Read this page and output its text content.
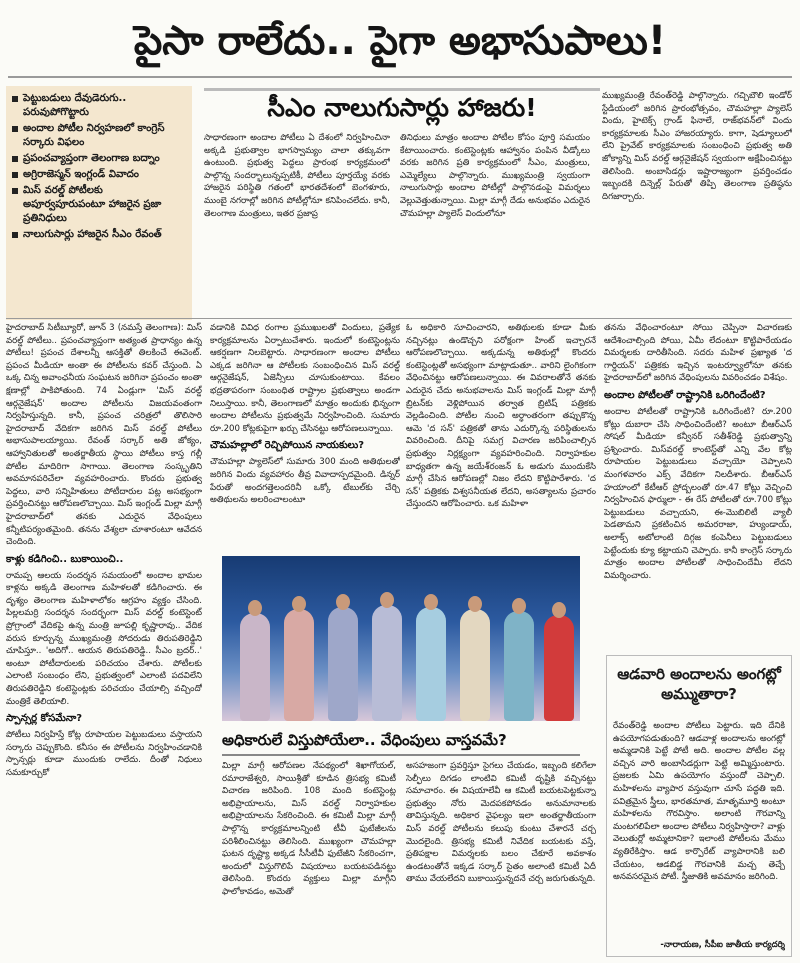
పైసా రాలేదు.. పైగా అభాసుపాలు!
పెట్టుబడులు దేవుడెరుగు.. పరువుపోగొట్టారు
అందాల పోటీల నిర్వహణలో కాంగ్రెస్ సర్కారు విఫలం
ప్రపంచవ్యాప్తంగా తెలంగాణ బద్నాం
అగ్రిరాజెస్మన్ ఇంగ్లండ్ వివాదం
మిస్ వరల్డ్ పోటీలకు అపూర్వపూరుపంటూ హాజరైన ప్రజా ప్రతినిధులు
నాలుగుసార్లు హాజరైన సీఎం రేవంత్
సీఎం నాలుగుసార్లు హాజరు!

సాధారణంగా అందాల పోటీలు ఏ దేశంలో నిర్వహించినా అక్కడి ప్రభుత్వాల భాగస్వామ్యం చాలా తక్కువగా ఉంటుంది. ప్రభుత్వ పెద్దలు ప్రారంభ కార్యక్రమంలో పాల్గొన్న సందర్భాలున్నప్పటికీ, పోటీలు పూర్తయ్యే వరకు హాజరైన పరిస్థితి గతంలో భారతదేశంలో బెంగళూరు, ముంబై నగరాల్లో జరిగిన పోటీల్లోనూ కనిపించలేదు. కానీ, తెలంగాణ మంత్రులు, ఇతర ప్రజాప్ర

తినిధులు మాత్రం అందాల పోటీల కోసం పూర్తి సమయం కేటాయించారు. కంటెస్టెంట్లకు ఆహ్వానం పంపిన వీడ్కోలు వరకు జరిగిన ప్రతి కార్యక్రమంలో సీఎం, మంత్రులు, ఎమ్మెల్యేలు పాల్గొన్నారు. ముఖ్యమంత్రి స్వయంగా నాలుగుసార్లు అందాల పోటీల్లో పాల్గొనడంపై విమర్శలు వెల్లువెత్తుతున్నాయి. మిల్లా మాగ్గీ దేడు అనుభవం ఎదురైన చౌమహల్లా ప్యాలెస్ విందులోనూ

ముఖ్యమంత్రి రేవంత్‌రెడ్డి పాల్గొన్నారు. గచ్చిబౌలి ఇండోర్ స్టేడియంలో జరిగిన ప్రారంభోత్సవం, చౌమహల్లా ప్యాలెస్ విందు, హైటెక్స్ గ్రాండ్ ఫినాలే, రాజ్‌భవన్‌లో విందు కార్యక్రమాలకు సీఎం హాజరయ్యారు. కాగా, షెడ్యూలులో లేని ప్రైవేట్ కార్యక్రమాలకు సంబంధించి ప్రభుత్వ అతి జోక్యాన్ని మిస్ వరల్డ్ ఆర్గనైజేషన్ స్వయంగా అక్షేపించినట్టు తెలిసింది. అంబాసిడర్లు ఇష్టారాజ్యంగా ప్రవర్తించడం ఇబ్బందకి దిన్నెల్ల్ పేరుతో తిప్పి తెలంగాణ ప్రతిష్ఠను దిగజార్చారు.

హైదరాబాద్ సిటీబ్యూరో, జూన్ 3 (నమస్తే తెలంగాణ): మిస్ వరల్డ్ పోటీలు.. ప్రపంచవ్యాప్తంగా అత్యంత ప్రాధాన్యం ఉన్న పోటీలు! ప్రపంచ దేశాలన్నీ ఆసక్తితో తిలకించే ఈవెంట్. ప్రపంచ మీడియా అంతా ఈ పోటీలను కవర్ చేస్తుంది. ఏ ఒక్క చిన్న అవాంఛనీయ సంఘటన జరిగినా ప్రపంచం అంతా క్షణాల్లో పాకిపోతుంది. 74 ఏండ్లుగా 'మిస్ వరల్డ్ ఆర్గనైజేషన్' అందాల పోటీలను విజయవంతంగా నిర్వహిస్తున్నది. కానీ, ప్రపంచ చరిత్రలో తొలిసారి హైదరాబాద్ వేదికగా జరిగిన మిస్ వరల్డ్ పోటీలు అభాసుపాలయ్యాయి. రేవంత్ సర్కార్ అతి జోక్యం, ఆహ్వానితులతో అంతర్జాతీయ స్థాయి పోటీలు కాస్త గల్లీ పోటీల మాదిరిగా సాగాయి. తెలంగాణ సంస్కృతిని అవమానపరిచేలా వ్యవహరించారు. కొందరు ప్రభుత్వ పెద్దలు, వారి సన్నిహితులు పోటీదారుల పట్ల అసభ్యంగా ప్రవర్తించినట్టు ఆరోపణలొచ్చాయి. మిస్ ఇంగ్లండ్ మిల్లా మాగ్గీ హైదరాబాద్‌లో తనకు ఎదురైన వేధింపులు కన్నీటిపర్యంతమైంది. తనను వేశ్యలా చూశారంటూ ఆవేదన చెందింది.

కాళ్లు కడిగించి.. బుకాయించి..

రామప్ప ఆలయ సందర్శన సమయంలో అందాల భామల కాళ్లను అక్కడి తెలంగాణ మహిళలతో కడిగించారు. ఈ దృశ్యం తెలంగాణ మహిళాలోకం ఆగ్రహం వ్యక్తం చేసింది. పిల్లలమర్రి సందర్శన సందర్భంగా మిస్ వరల్డ్ కంటెస్టెంట్ ప్రోగ్రాంలో వేదికపై ఉన్న మంత్రి జూపల్లి కృష్ణారావు.. వేదిక వరుస కూర్చున్న ముఖ్యమంత్రి సోదరుడు తిరుపతిరెడ్డిని చూపిస్తూ.. 'అదిగో.. ఆయన తిరుపతిరెడ్డి.. సీఎం బ్రదర్..' అంటూ పోటీదారులకు పరిచయం చేశారు. పోటీలకు ఎలాంటి సంబంధం లేని, ప్రభుత్వంలో ఎలాంటి పదవిలేని తిరుపతిరెడ్డిని కంటెస్టెంట్లకు పరిచయం చేయాల్సి వచ్చిందో మంత్రికే తెలియాలి.

స్పాన్సర్ల కోసమేనా?

పోటీలు నిర్వహిస్తే కోట్ల రూపాయల పెట్టుబడులు వస్తాయని సర్కారు చెప్పుకొంది. కనీసం ఈ పోటీలను నిర్వహించడానికి స్పాన్సర్లు కూడా ముందుకు రాలేదు. దీంతో నిధులు సమకూర్చుకో

వడానికి వివిధ రంగాల ప్రముఖులతో విందులు, ప్రత్యేక కార్యక్రమాలను ఏర్పాటుచేశారు. ఇందులో కంటెస్టెంట్లను ఆకర్షణగా నిలబెట్టారు. సాధారణంగా అందాల పోటీలు ఎక్కడ జరిగినా ఆ పోటీలకు సంబంధించిన మిస్ వరల్డ్ ఆర్గనైజేషన్, ఏజెన్సీలు చూసుకుంటాయి. కేవలం భద్రతాపరంగా సంబంధిత రాష్ట్రాల ప్రభుత్వాలు అండగా నిలుస్తాయి. కానీ, తెలంగాణలో మాత్రం అందుకు భిన్నంగా అందాల పోటీలను ప్రభుత్వమే నిర్వహించింది. సుమారు రూ.200 కోట్లకుపైగా ఖర్చు చేసినట్టు ఆరోపణలున్నాయి.

చౌమహల్లాలో రెచ్చిపోయిన నాయకులు?

చౌమహల్లా ప్యాలెస్‌లో సుమారు 300 మంది అతిథులతో జరిగిన విందు వ్యవహారం తీవ్ర వివాదాస్పదమైంది. డిన్నర్ పేరుతో అందగత్తెలందరినీ ఒక్కో టేబుల్‌కు చేర్చి అతిథులను అలరించాలంటూ

ఓ అధికారి సూచించారని, అతిథులకు కూడా మీకు నచ్చినట్లు ఉండొచ్చని పరోక్షంగా హింట్ ఇచ్చారనే ఆరోపణలొచ్చాయి. అక్కడున్న అతిథుల్లో కొందరు కంటెస్టెంట్లతో అసభ్యంగా మాట్లాడుతూ.. వారిని లైంగికంగా వేధించినట్టు ఆరోపణలున్నాయి. ఈ వివరాలతోనే తనకు ఎదురైన చేదు అనుభవాలను మిస్ ఇంగ్లండ్ మిల్లా మాగ్గీ బ్రిటన్‌కు వెళ్లిపోయిన తర్వాత బ్రిటిష్ పత్రికకు వెల్లడించింది. పోటీల నుంచి అర్ధాంతరంగా తప్పుకొన్న ఆమె 'ద సన్' పత్రికతో తాను ఎదుర్కొన్న పరిస్థితులను వివరించింది. దీనిపై సమగ్ర విచారణ జరిపించాల్సిన ప్రభుత్వం నిర్లక్ష్యంగా వ్యవహరించింది. నిర్వాహకుల బాధ్యతగా ఉన్న జయేశ్‌రంజన్ ఓ అడుగు ముందుకేసి మాగ్గీ చేసిన ఆరోపణల్లో నిజం లేదని కొట్టిపారేశారు. 'ద సన్' పత్రికకు విశ్వసనీయత లేదని, అసత్యాలను ప్రచారం చేస్తుందని ఆరోపించారు. ఒక మహిళా

తనను వేధించారంటూ సోయి చెప్పినా విచారణకు ఆదేశించాల్సింది పోయి, ఏమీ లేదంటూ కొట్టిపారేయడం విమర్శలకు దారితీసింది. సదరు మహిళ ప్రఖ్యాత 'ద గార్డియన్' పత్రికకు ఇచ్చిన ఇంటర్వ్యూలోనూ తనకు హైదరాబాద్‌లో జరిగిన వేధింపులను వివరించడం విశేషం.

అందాల పోటీలతో రాష్ట్రానికి ఒరిగిందేంటి?

అందాల పోటీలతో రాష్ట్రానికి ఒరిగిందేంటి? రూ.200 కోట్లు దుబారా చేసి సాధించిందేంటి? అంటూ బీఆర్ఎస్ సోషల్ మీడియా కన్వీనర్ సతీశ్‌రెడ్డి ప్రభుత్వాన్ని ప్రశ్నించారు. మిస్‌వరల్డ్ కాంటెస్ట్‌తో ఎన్ని వేల కోట్ల రూపాయల పెట్టుబడులు వచ్చాయో చెప్పాలని మంగళవారం ఎక్స్ వేదికగా నిలదీశారు. బీఆర్ఎస్ హయాంలో కేటీఆర్ ప్రోద్బలంతో రూ.47 కోట్లు వెచ్చించి నిర్వహించిన ఫార్ములా - ఈ రేస్ పోటీలతో రూ.700 కోట్లు పెట్టుబడులు వచ్చాయని, ఈ-మొబిలిటీ వ్యాలీ పెడతామని ప్రకటించిన అమరరాజా, హ్యుండాయ్, అలాక్స్ అటోలాంటి దిగ్గజ కంపెనీలు పెట్టుబడులు పెట్టేందుకు క్యూ కట్టాయని చెప్పారు. కానీ కాంగ్రెస్ సర్కారు మాత్రం అందాల పోటీలతో సాధించిందేమీ లేదని విమర్శించారు.

అధికారులే విస్తుపోయేలా.. వేధింపులు వాస్తవమే?

మిల్లా మాగ్గీ ఆరోపణల నేపథ్యంలో శిఖాగోయల్, రమారాజేశ్వరి, సాయిశ్రీతో కూడిన త్రిసభ్య కమిటీ విచారణ జరిపింది. 108 మంది కంటెస్టెంట్ల అభిప్రాయాలను, మిస్ వరల్డ్ నిర్వాహకుల అభిప్రాయాలను సేకరించింది. ఈ కమిటీ మిల్లా మాగ్గీ పాల్గొన్న కార్యక్రమాలన్నింటి టీవీ ఫుటేజీలను పరిశీలించినట్టు తెలిసింది. ముఖ్యంగా చౌమహల్లా ఘటన దృష్ట్యా అక్కడ సీసీటీవీ ఫుటేజీని సేకరించగా, అందులో విస్తుగొలిపే విషయాలు బయటపడినట్టు తెలిసింది. కొందరు వ్యక్తులు మిల్లా మాగ్గీని ఫాలోకావడం, అమెతో

అసహజంగా ప్రవర్తిస్తూ సైగలు చేయడం, ఇబ్బంది కలిగేలా సెల్ఫీలు దిగడం లాంటివి కమిటీ దృష్టికి వచ్చినట్టు సమాచారం. ఈ విషయాలేవీ ఆ కమిటీ బయటపెట్టకున్నా ప్రభుత్వం నోరు మెదపకపోవడం అనుమానాలకు తావిస్తున్నది. అధికార వైఫల్యం ఇలా అంతర్జాతీయంగా మిస్ వరల్డ్ పోటీలను కలుపు కుంటు చేశారనే చర్చ మొదలైంది. త్రిసభ్య కమిటీ నివేదిక బయటకు వస్తే, ప్రతిపక్షాల విమర్శలకు బలం చేకూరే అవకాశం ఉండటంతోనే ఇక్కడ సర్కార్ సైతం అలాంటి కమిటీ ఏదీ తాము వేయలేదని బుకాయిస్తున్నదనే చర్చ జరుగుతున్నది.

ఆడవారి అందాలను అంగట్లో అమ్ముతారా?
రేవంత్‌రెడ్డి అందాల పోటీలు పెట్టారు. ఇది దేనికి ఉపయోగపడుతుంది? ఆడవాళ్ల అందాలను అంగట్లో అమ్మడానికి పెట్టే పోటీ అది. అందాల పోటీల వల్ల వచ్చిన వారి అంబాసిడర్లుగా పెట్టి అమ్మిస్తుంటారు. ప్రజలకు ఏమి ఉపయోగం వస్తుందో చెప్పాలి. మహిళలను వ్యాపార వస్తువుగా చూసే పద్ధతి ఇది. పవిత్రమైన స్త్రీలు, భారతమాత, మాతృమూర్తి అంటూ మహిళలను గౌరవిస్తాం. అలాంటి గౌరవాన్ని మంటగలిపేలా అందాల పోటీలు నిర్వహిస్తారా? వాళ్లు వెలుతుర్లో అమ్మటానికా? ఇలాంటి పోటీలను మేము వ్యతిరేకిస్తాం. ఆడ కార్పొరేట్ వ్యాపారానికి బలి చేయటం, ఆడబిడ్డ గౌరవానికి మచ్చ తెచ్చే అనవసరమైన పోటీ. స్త్రీజాతికి అవమానం జరిగింది.
-నారాయణ, సీపీఐ జాతీయ కార్యదర్శి
